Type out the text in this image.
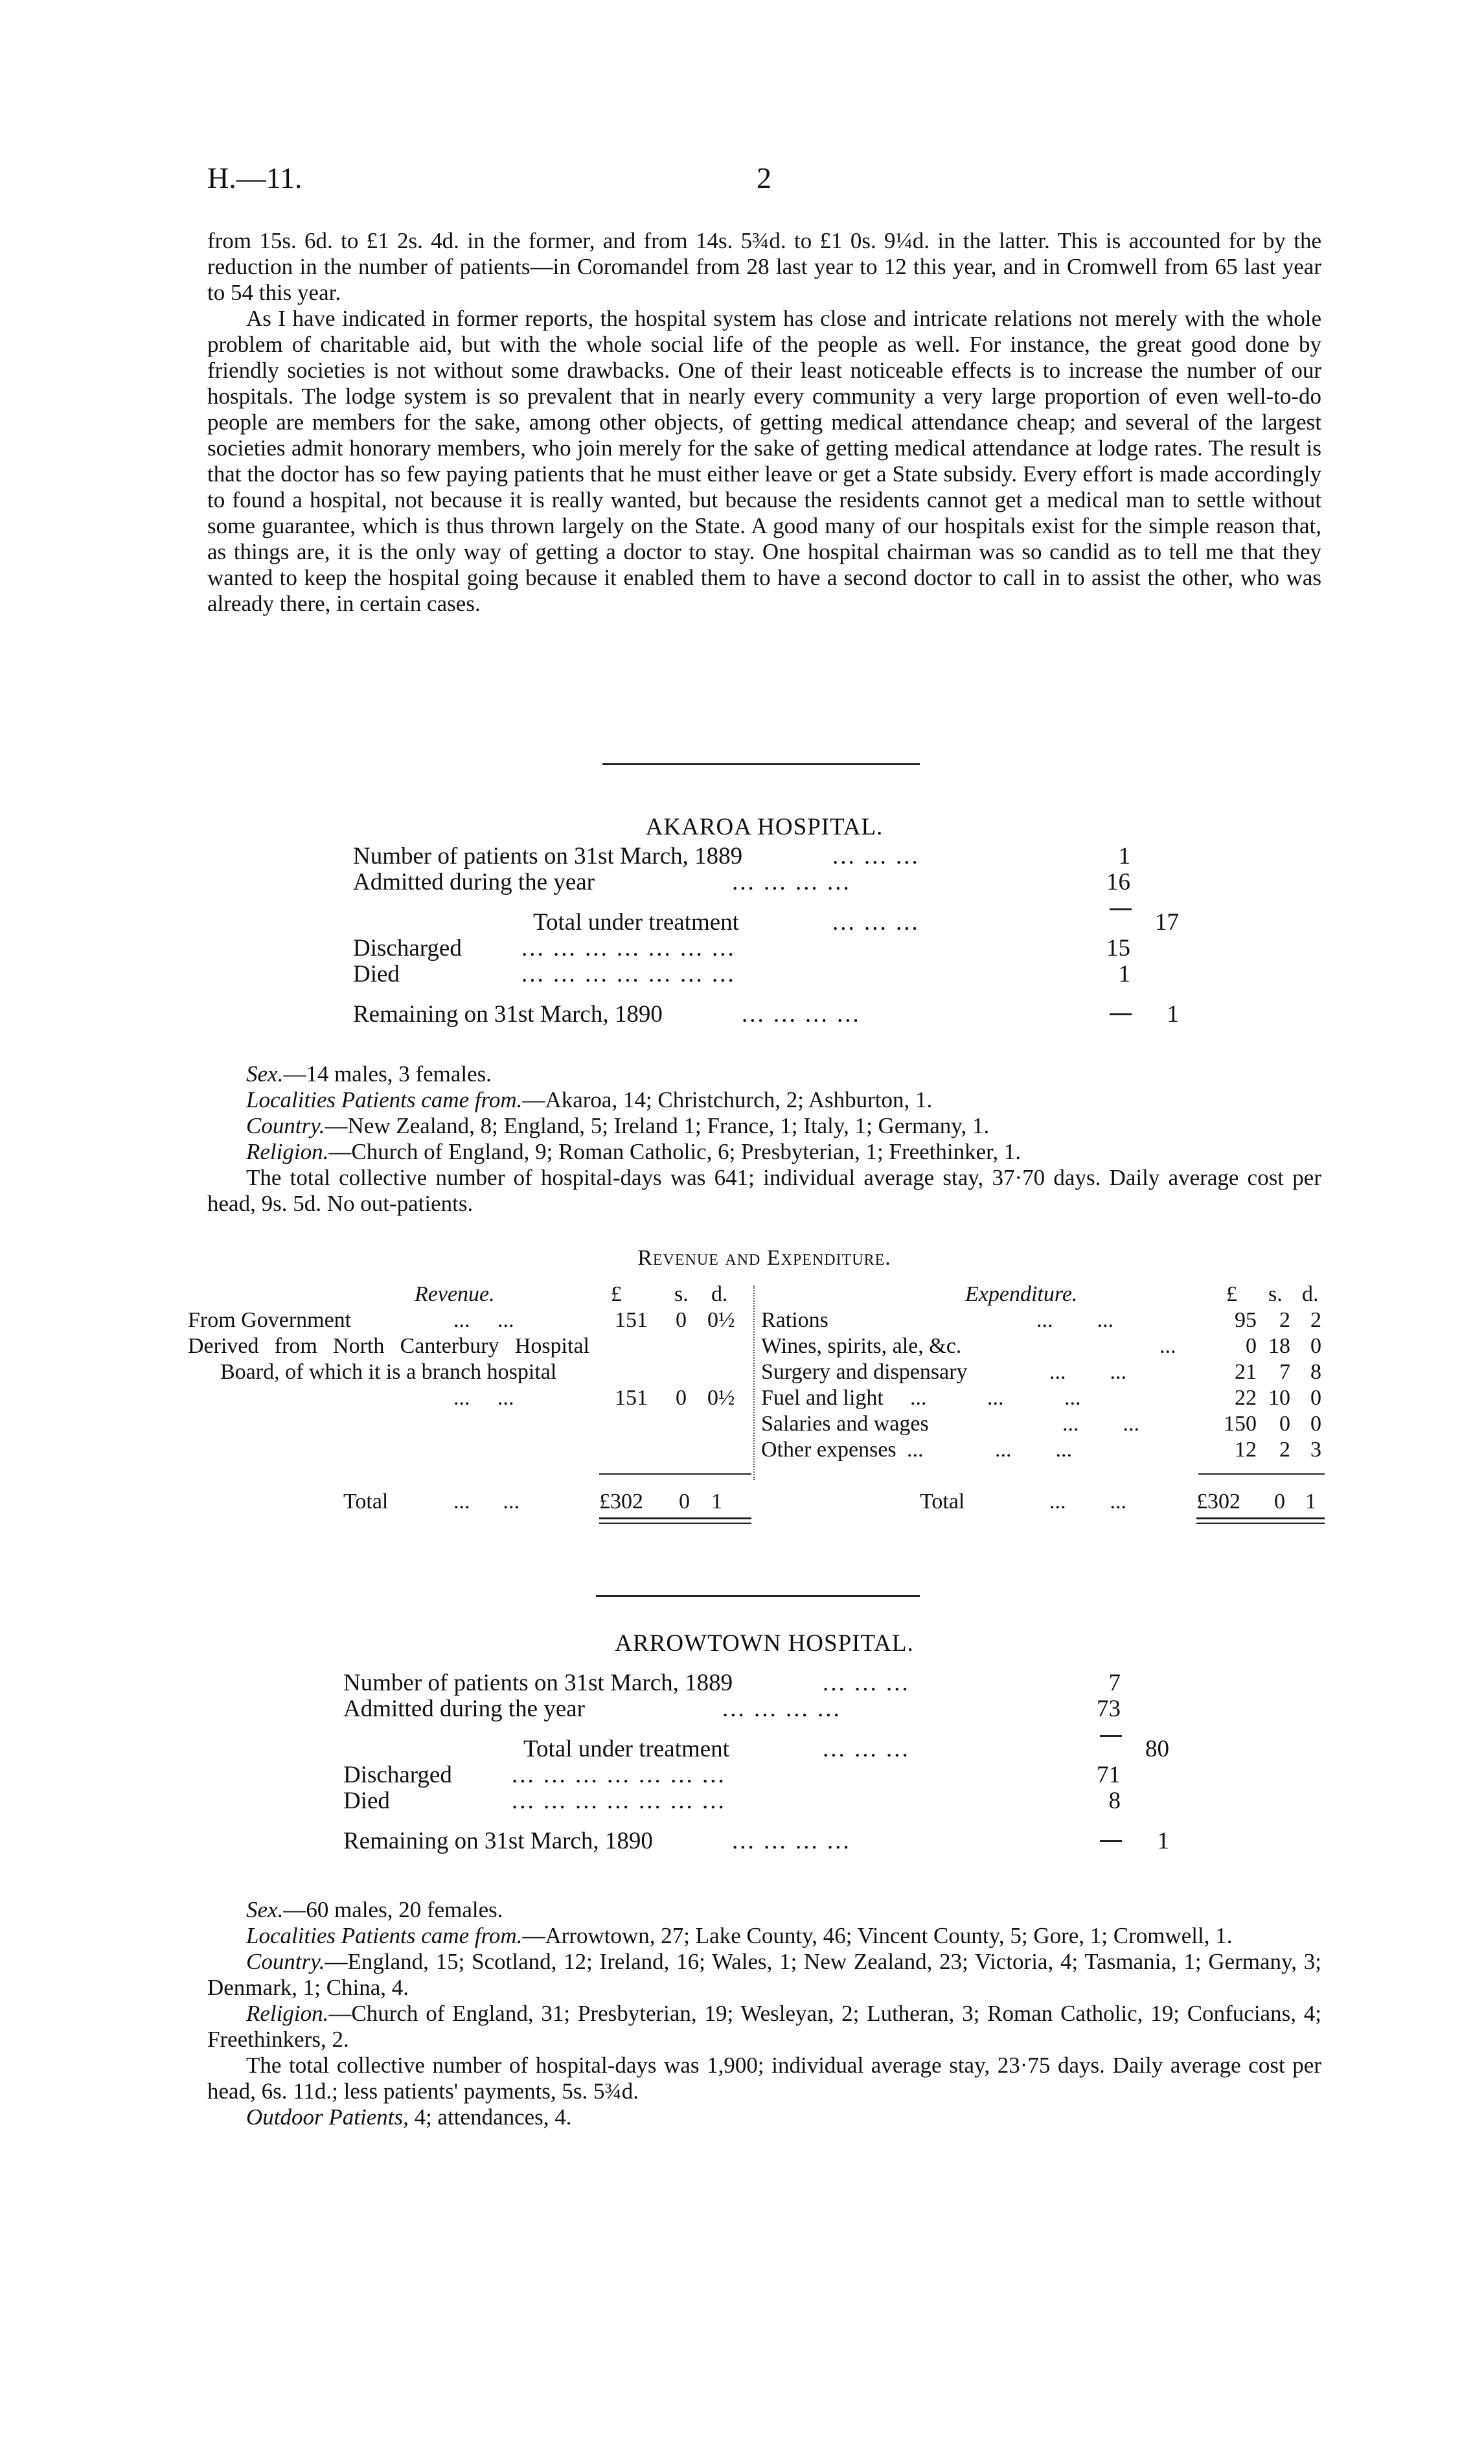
H.—11.	2

from 15s. 6d. to £1 2s. 4d. in the former, and from 14s. 5¾d. to £1 0s. 9¼d. in the latter. This is accounted for by the reduction in the number of patients—in Coromandel from 28 last year to 12 this year, and in Cromwell from 65 last year to 54 this year.

As I have indicated in former reports, the hospital system has close and intricate relations not merely with the whole problem of charitable aid, but with the whole social life of the people as well. For instance, the great good done by friendly societies is not without some drawbacks. One of their least noticeable effects is to increase the number of our hospitals. The lodge system is so prevalent that in nearly every community a very large proportion of even well-to-do people are members for the sake, among other objects, of getting medical attendance cheap; and several of the largest societies admit honorary members, who join merely for the sake of getting medical attendance at lodge rates. The result is that the doctor has so few paying patients that he must either leave or get a State subsidy. Every effort is made accordingly to found a hospital, not because it is really wanted, but because the residents cannot get a medical man to settle without some guarantee, which is thus thrown largely on the State. A good many of our hospitals exist for the simple reason that, as things are, it is the only way of getting a doctor to stay. One hospital chairman was so candid as to tell me that they wanted to keep the hospital going because it enabled them to have a second doctor to call in to assist the other, who was already there, in certain cases.

AKAROA HOSPITAL.
Number of patients on 31st March, 1889	... ... ...	1
Admitted during the year	... ... ... ...	16
Total under treatment	... ... ...	17
Discharged ... ... ... ... ... ... ...	15
Died	... ... ... ... ... ... ...	1
Remaining on 31st March, 1890	... ... ... ...	1

Sex.—14 males, 3 females.

Localities Patients came from.—Akaroa, 14; Christchurch, 2; Ashburton, 1.

Country.—New Zealand, 8; England, 5; Ireland 1; France, 1; Italy, 1; Germany, 1.

Religion.—Church of England, 9; Roman Catholic, 6; Presbyterian, 1; Freethinker, 1.

The total collective number of hospital-days was 641; individual average stay, 37·70 days. Daily average cost per head, 9s. 5d. No out-patients.

Revenue and Expenditure.
Revenue.	£ s. d.	Expenditure.	£ s. d.
From Government	...     ...	151	0 0½
Derived from North Canterbury Hospital Board, of which it is a branch hospital
...     ...	151	0 0½
Rations	...        ...	95	2 2
Wines, spirits, ale, &c.	...	0 18 0
Surgery and dispensary	...        ...	21	7 8
Fuel and light ...           ...           ...	22 10 0
Salaries and wages	...        ...	150	0 0
Other expenses ...             ...        ...	12	2 3
Total	...      ...	£302 0 1	Total	...        ...	£302 0 1
ARROWTOWN HOSPITAL.
Number of patients on 31st March, 1889	... ... ...	7
Admitted during the year	... ... ... ...	73
Total under treatment	... ... ...	80
Discharged ... ... ... ... ... ... ...	71
Died	... ... ... ... ... ... ...	8
Remaining on 31st March, 1890	... ... ... ...	1

Sex.—60 males, 20 females.

Localities Patients came from.—Arrowtown, 27; Lake County, 46; Vincent County, 5; Gore, 1; Cromwell, 1.

Country.—England, 15; Scotland, 12; Ireland, 16; Wales, 1; New Zealand, 23; Victoria, 4; Tasmania, 1; Germany, 3; Denmark, 1; China, 4.

Religion.—Church of England, 31; Presbyterian, 19; Wesleyan, 2; Lutheran, 3; Roman Catholic, 19; Confucians, 4; Freethinkers, 2.

The total collective number of hospital-days was 1,900; individual average stay, 23·75 days. Daily average cost per head, 6s. 11d.; less patients' payments, 5s. 5¾d.

Outdoor Patients, 4; attendances, 4.
